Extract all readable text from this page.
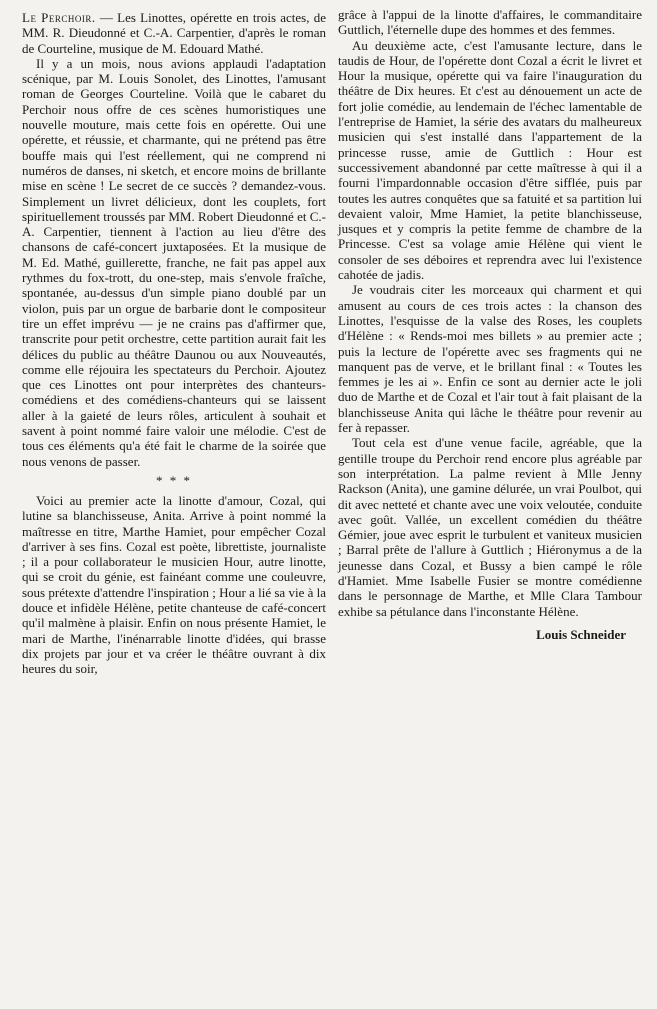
Le Perchoir. — Les Linottes, opérette en trois actes, de MM. R. Dieudonné et C.-A. Carpentier, d'après le roman de Courteline, musique de M. Edouard Mathé.

Il y a un mois, nous avions applaudi l'adaptation scénique, par M. Louis Sonolet, des Linottes, l'amusant roman de Georges Courteline. Voilà que le cabaret du Perchoir nous offre de ces scènes humoristiques une nouvelle mouture, mais cette fois en opérette. Oui une opérette, et réussie, et charmante, qui ne prétend pas être bouffe mais qui l'est réellement, qui ne comprend ni numéros de danses, ni sketch, et encore moins de brillante mise en scène ! Le secret de ce succès ? demandez-vous. Simplement un livret délicieux, dont les couplets, fort spirituellement troussés par MM. Robert Dieudonné et C.-A. Carpentier, tiennent à l'action au lieu d'être des chansons de café-concert juxtaposées. Et la musique de M. Ed. Mathé, guillerette, franche, ne fait pas appel aux rythmes du fox-trott, du one-step, mais s'envole fraîche, spontanée, au-dessus d'un simple piano doublé par un violon, puis par un orgue de barbarie dont le compositeur tire un effet imprévu — je ne crains pas d'affirmer que, transcrite pour petit orchestre, cette partition aurait fait les délices du public au théâtre Daunou ou aux Nouveautés, comme elle réjouira les spectateurs du Perchoir. Ajoutez que ces Linottes ont pour interprètes des chanteurs-comédiens et des comédiens-chanteurs qui se laissent aller à la gaieté de leurs rôles, articulent à souhait et savent à point nommé faire valoir une mélodie. C'est de tous ces éléments qu'a été fait le charme de la soirée que nous venons de passer.

* * *

Voici au premier acte la linotte d'amour, Cozal, qui lutine sa blanchisseuse, Anita. Arrive à point nommé la maîtresse en titre, Marthe Hamiet, pour empêcher Cozal d'arriver à ses fins. Cozal est poète, librettiste, journaliste ; il a pour collaborateur le musicien Hour, autre linotte, qui se croit du génie, est fainéant comme une couleuvre, sous prétexte d'attendre l'inspiration ; Hour a lié sa vie à la douce et infidèle Hélène, petite chanteuse de café-concert qu'il malmène à plaisir. Enfin on nous présente Hamiet, le mari de Marthe, l'inénarrable linotte d'idées, qui brasse dix projets par jour et va créer le théâtre ouvrant à dix heures du soir,

grâce à l'appui de la linotte d'affaires, le commanditaire Guttlich, l'éternelle dupe des hommes et des femmes.

Au deuxième acte, c'est l'amusante lecture, dans le taudis de Hour, de l'opérette dont Cozal a écrit le livret et Hour la musique, opérette qui va faire l'inauguration du théâtre de Dix heures. Et c'est au dénouement un acte de fort jolie comédie, au lendemain de l'échec lamentable de l'entreprise de Hamiet, la série des avatars du malheureux musicien qui s'est installé dans l'appartement de la princesse russe, amie de Guttlich : Hour est successivement abandonné par cette maîtresse à qui il a fourni l'impardonnable occasion d'être sifflée, puis par toutes les autres conquêtes que sa fatuité et sa partition lui devaient valoir, Mme Hamiet, la petite blanchisseuse, jusques et y compris la petite femme de chambre de la Princesse. C'est sa volage amie Hélène qui vient le consoler de ses déboires et reprendra avec lui l'existence cahotée de jadis.

Je voudrais citer les morceaux qui charment et qui amusent au cours de ces trois actes : la chanson des Linottes, l'esquisse de la valse des Roses, les couplets d'Hélène : « Rends-moi mes billets » au premier acte ; puis la lecture de l'opérette avec ses fragments qui ne manquent pas de verve, et le brillant final : « Toutes les femmes je les ai ». Enfin ce sont au dernier acte le joli duo de Marthe et de Cozal et l'air tout à fait plaisant de la blanchisseuse Anita qui lâche le théâtre pour revenir au fer à repasser.

Tout cela est d'une venue facile, agréable, que la gentille troupe du Perchoir rend encore plus agréable par son interprétation. La palme revient à Mlle Jenny Rackson (Anita), une gamine délurée, un vrai Poulbot, qui dit avec netteté et chante avec une voix veloutée, conduite avec goût. Vallée, un excellent comédien du théâtre Gémier, joue avec esprit le turbulent et vaniteux musicien ; Barral prête de l'allure à Guttlich ; Hiéronymus a de la jeunesse dans Cozal, et Bussy a bien campé le rôle d'Hamiet. Mme Isabelle Fusier se montre comédienne dans le personnage de Marthe, et Mlle Clara Tambour exhibe sa pétulance dans l'inconstante Hélène.

Louis Schneider
